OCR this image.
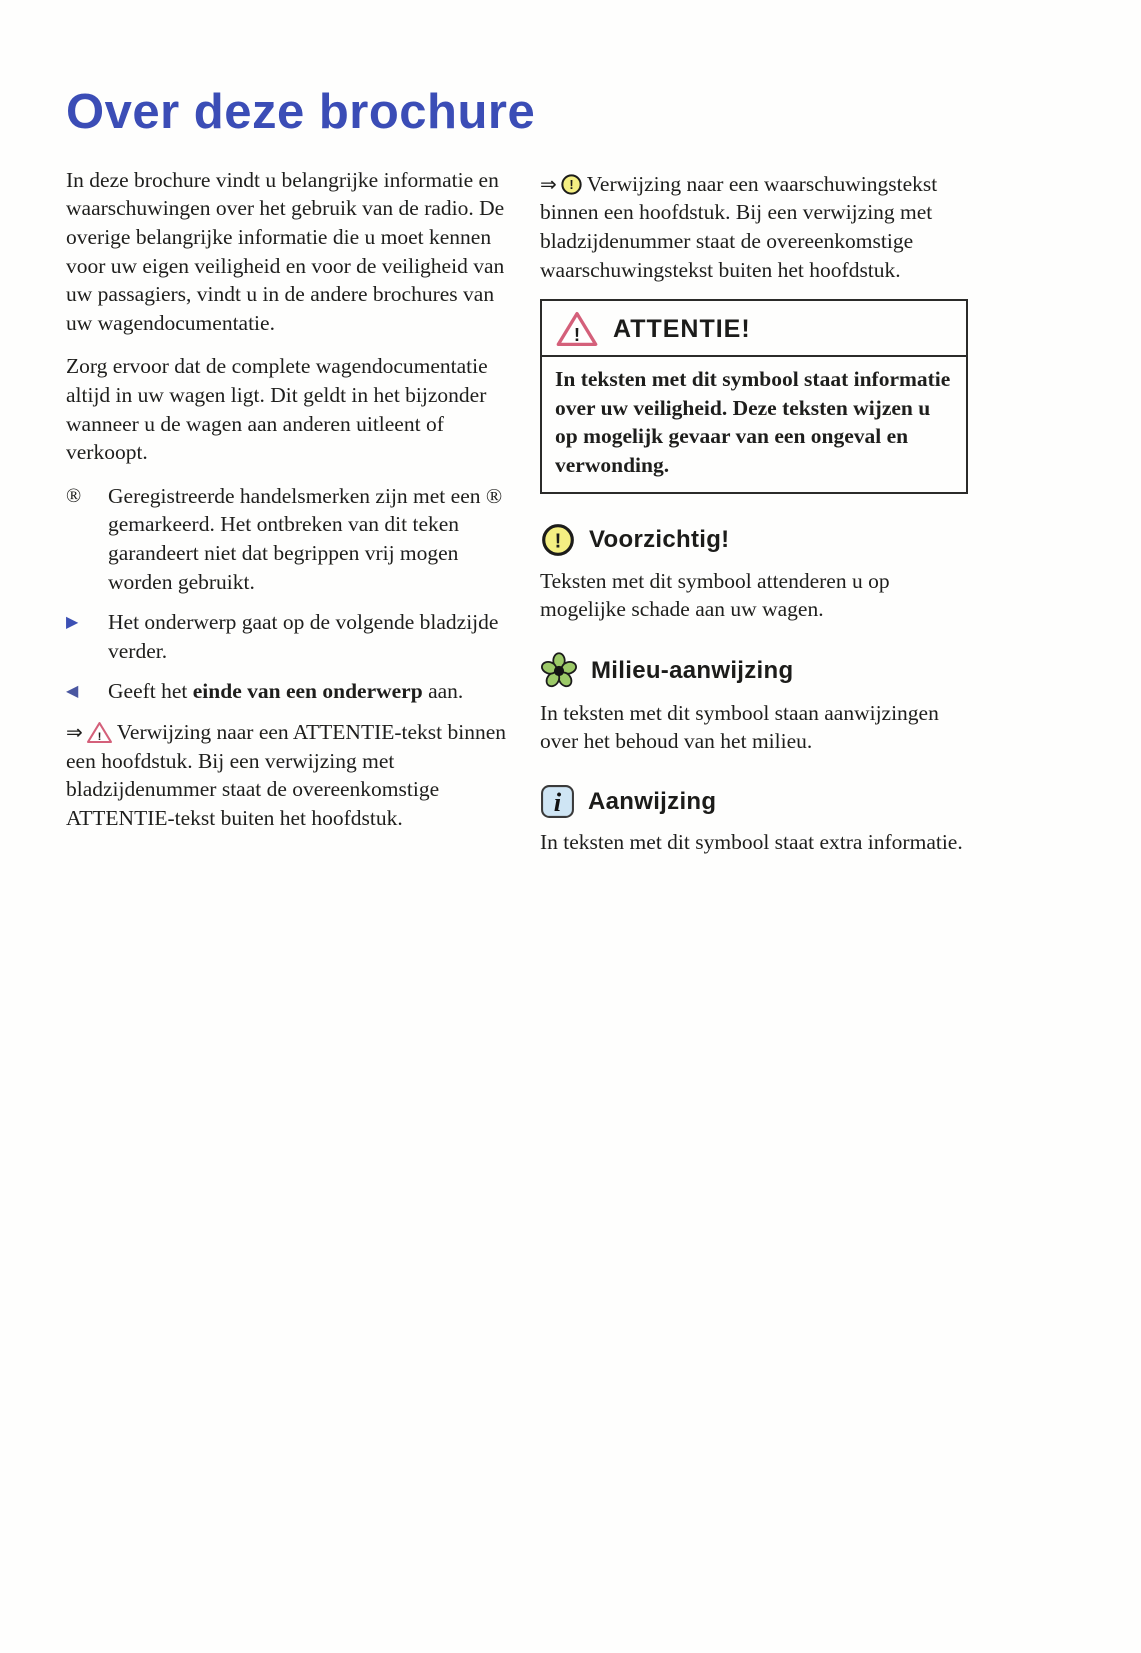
Over deze brochure

In deze brochure vindt u belangrijke informatie en waarschuwingen over het gebruik van de radio. De overige belangrijke informatie die u moet kennen voor uw eigen veiligheid en voor de veiligheid van uw passagiers, vindt u in de andere brochures van uw wagendocumentatie.

Zorg ervoor dat de complete wagendocumentatie altijd in uw wagen ligt. Dit geldt in het bijzonder wanneer u de wagen aan anderen uitleent of verkoopt.

®	Geregistreerde handelsmerken zijn met een ® gemarkeerd. Het ontbreken van dit teken garandeert niet dat begrippen vrij mogen worden gebruikt.
▶	Het onderwerp gaat op de volgende bladzijde verder.
◀	Geeft het einde van een onderwerp aan.

⇒ ! Verwijzing naar een ATTENTIE-tekst binnen een hoofdstuk. Bij een verwijzing met bladzijdenummer staat de overeenkomstige ATTENTIE-tekst buiten het hoofdstuk.

⇒ ! Verwijzing naar een waarschuwingstekst binnen een hoofdstuk. Bij een verwijzing met bladzijdenummer staat de overeenkomstige waarschuwingstekst buiten het hoofdstuk.

! ATTENTIE!
In teksten met dit symbool staat informatie over uw veiligheid. Deze teksten wijzen u op mogelijk gevaar van een ongeval en verwonding.
! Voorzichtig!

Teksten met dit symbool attenderen u op mogelijke schade aan uw wagen.

Milieu-aanwijzing

In teksten met dit symbool staan aanwijzingen over het behoud van het milieu.

i Aanwijzing

In teksten met dit symbool staat extra informatie.
